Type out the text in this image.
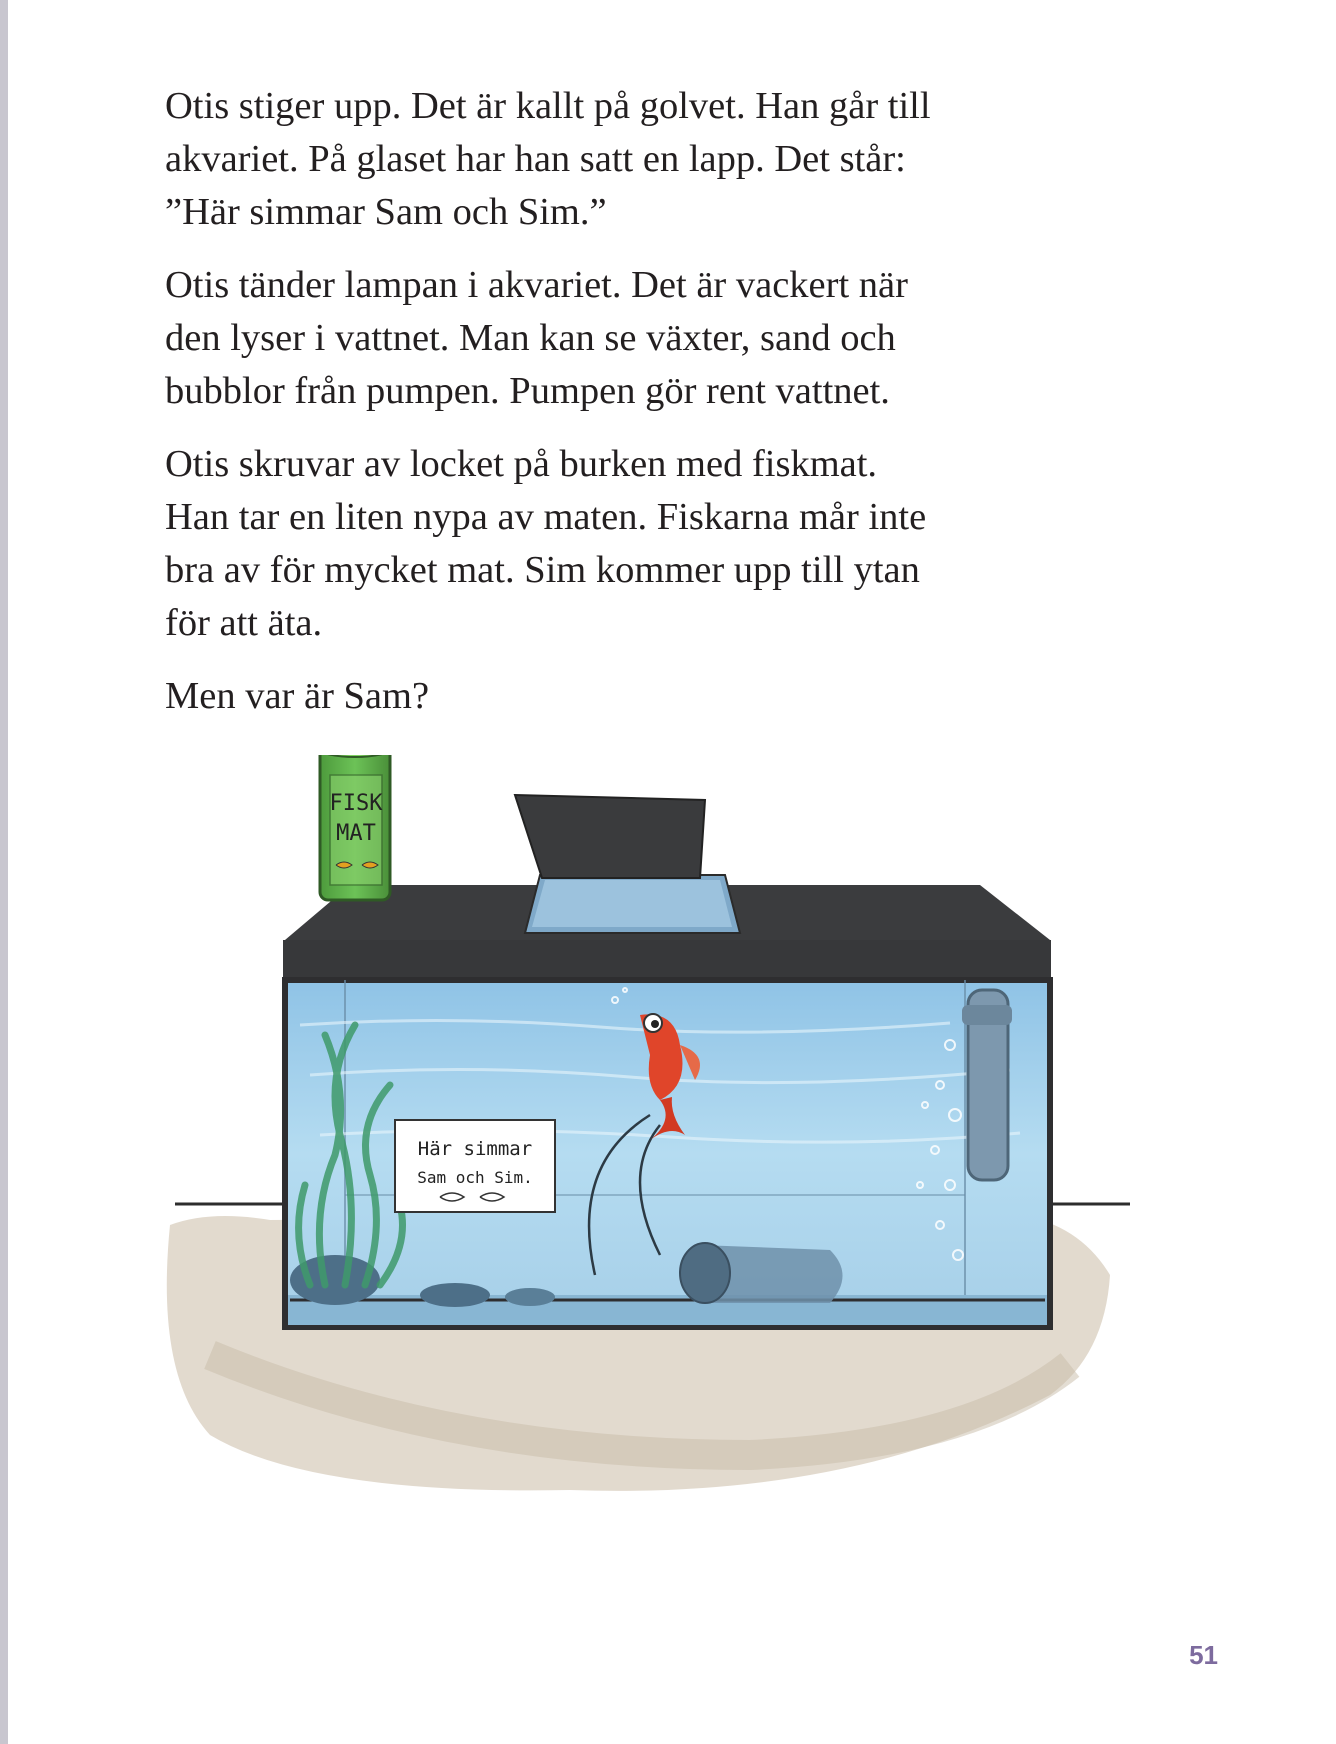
Otis stiger upp. Det är kallt på golvet. Han går till
akvariet. På glaset har han satt en lapp. Det står:
”Här simmar Sam och Sim.”

Otis tänder lampan i akvariet. Det är vackert när
den lyser i vattnet. Man kan se växter, sand och
bubblor från pumpen. Pumpen gör rent vattnet.

Otis skruvar av locket på burken med fiskmat.
Han tar en liten nypa av maten. Fiskarna mår inte
bra av för mycket mat. Sim kommer upp till ytan
för att äta.

Men var är Sam?

Här simmar
Sam och Sim.
FISK
MAT
51
